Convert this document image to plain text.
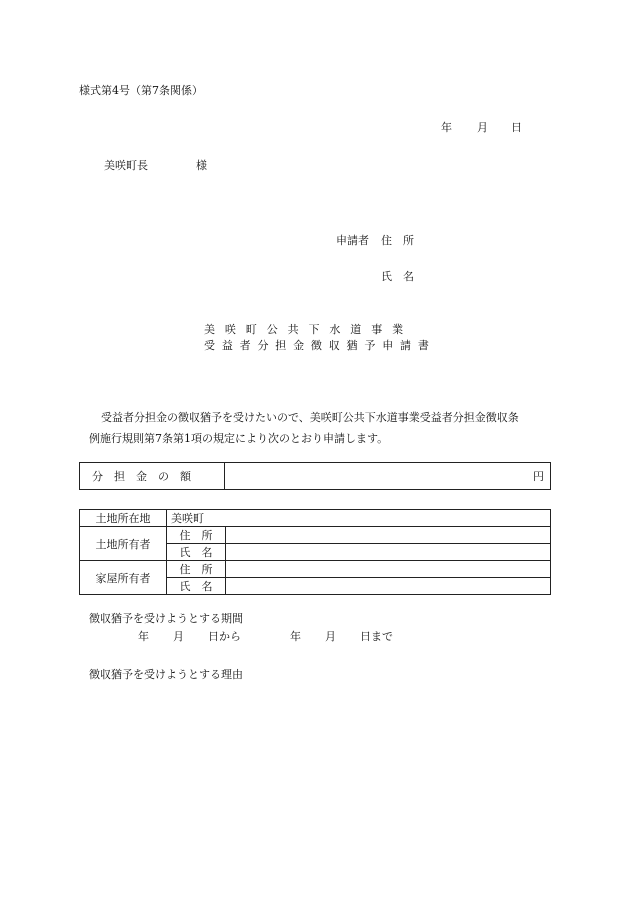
様式第4号（第7条関係）
年 月 日
美咲町長	様
申請者 住　所
氏　名
美咲町公共下水道事業
受益者分担金徴収猶予申請書
受益者分担金の徴収猶予を受けたいので、美咲町公共下水道事業受益者分担金徴収条
例施行規則第7条第1項の規定により次のとおり申請します。
分　担　金　の　額	円
土地所在地	美咲町	
土地所有者	住　所	
	氏　名	
家屋所有者	住　所	
	氏　名	
徴収猶予を受けようとする期間
年 月 日から	年 月 日まで
徴収猶予を受けようとする理由
